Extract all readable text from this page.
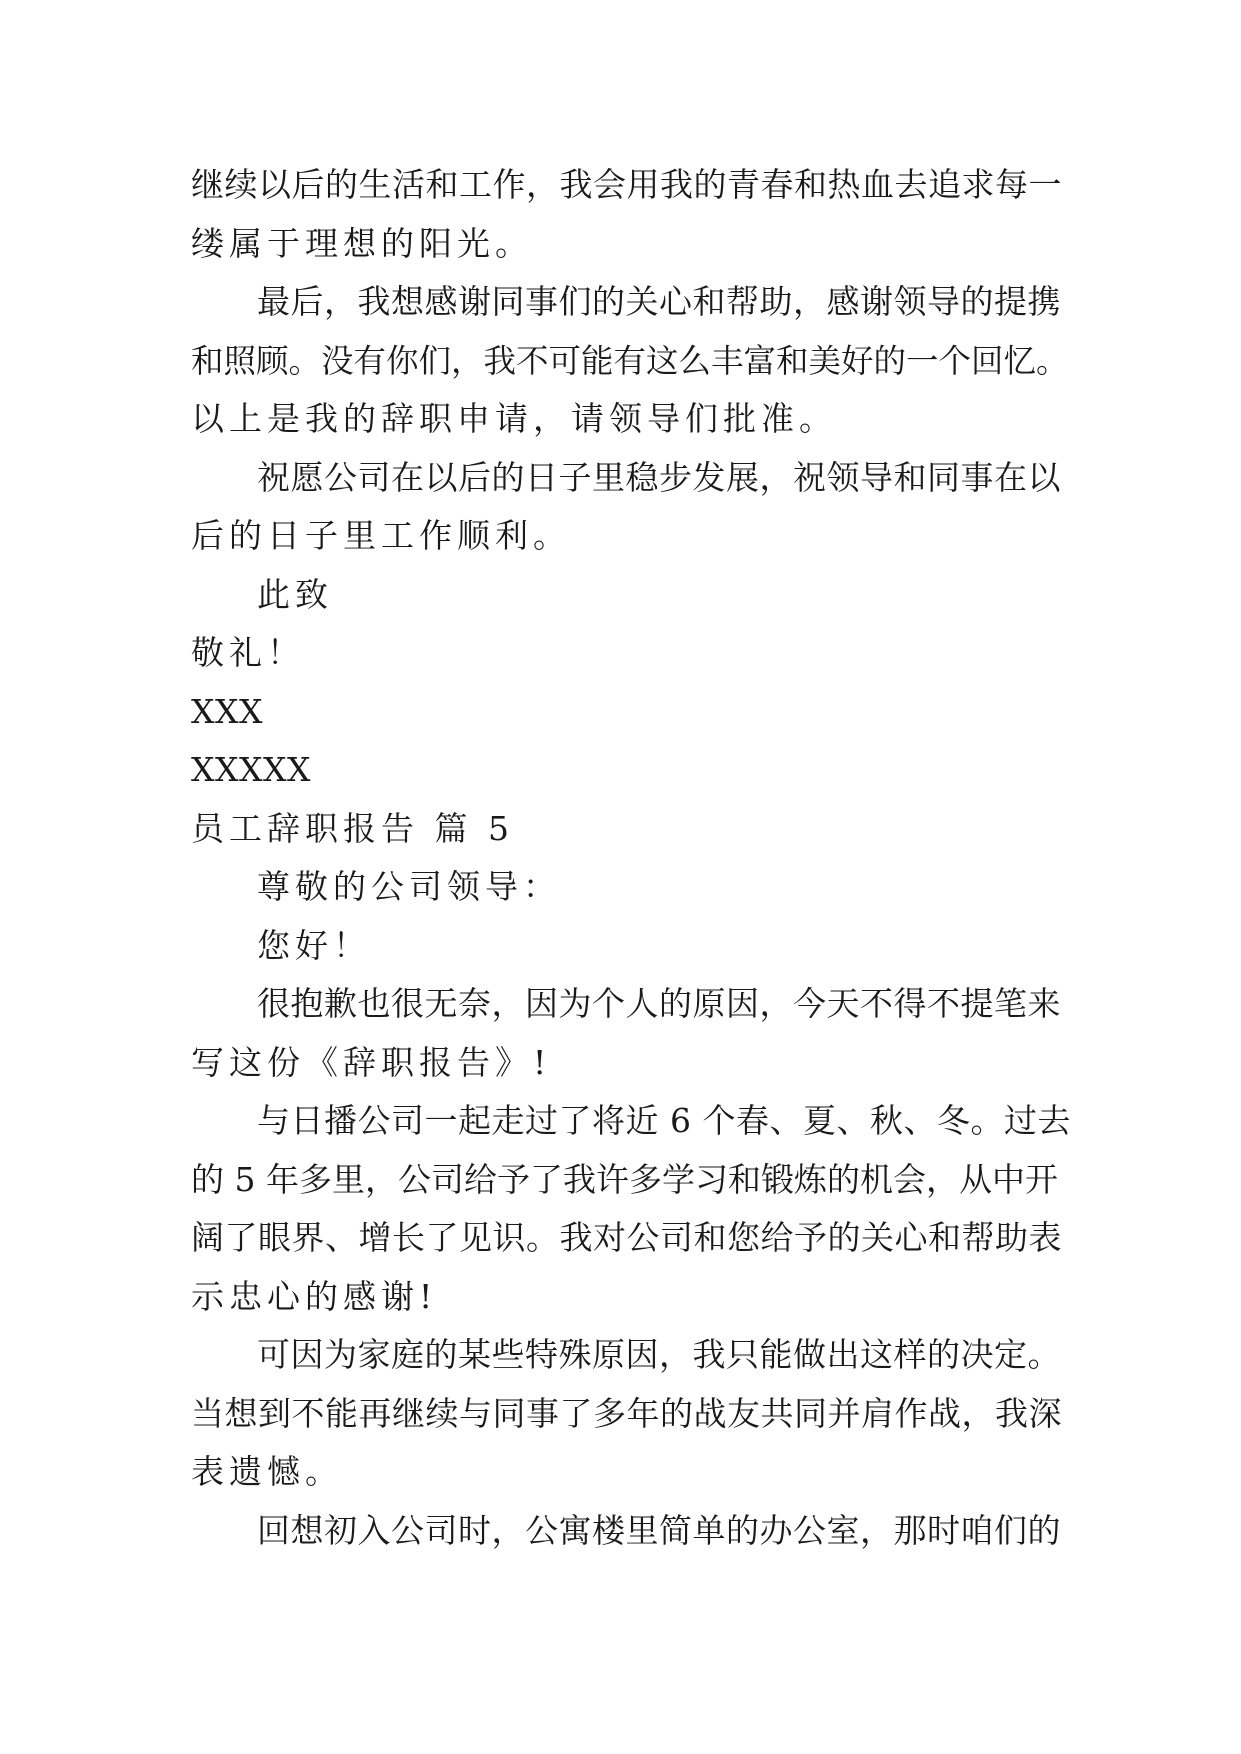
继续以后的生活和工作，我会用我的青春和热血去追求每一
缕属于理想的阳光。
最后，我想感谢同事们的关心和帮助，感谢领导的提携
和照顾。没有你们，我不可能有这么丰富和美好的一个回忆。
以上是我的辞职申请，请领导们批准。
祝愿公司在以后的日子里稳步发展，祝领导和同事在以
后的日子里工作顺利。
此致
敬礼！
XXX
XXXXX
员工辞职报告 篇 5
尊敬的公司领导：
您好！
很抱歉也很无奈，因为个人的原因，今天不得不提笔来
写这份《辞职报告》!
与日播公司一起走过了将近 6 个春、夏、秋、冬。过去
的 5 年多里，公司给予了我许多学习和锻炼的机会，从中开
阔了眼界、增长了见识。我对公司和您给予的关心和帮助表
示忠心的感谢!
可因为家庭的某些特殊原因，我只能做出这样的决定。
当想到不能再继续与同事了多年的战友共同并肩作战，我深
表遗憾。
回想初入公司时，公寓楼里简单的办公室，那时咱们的
